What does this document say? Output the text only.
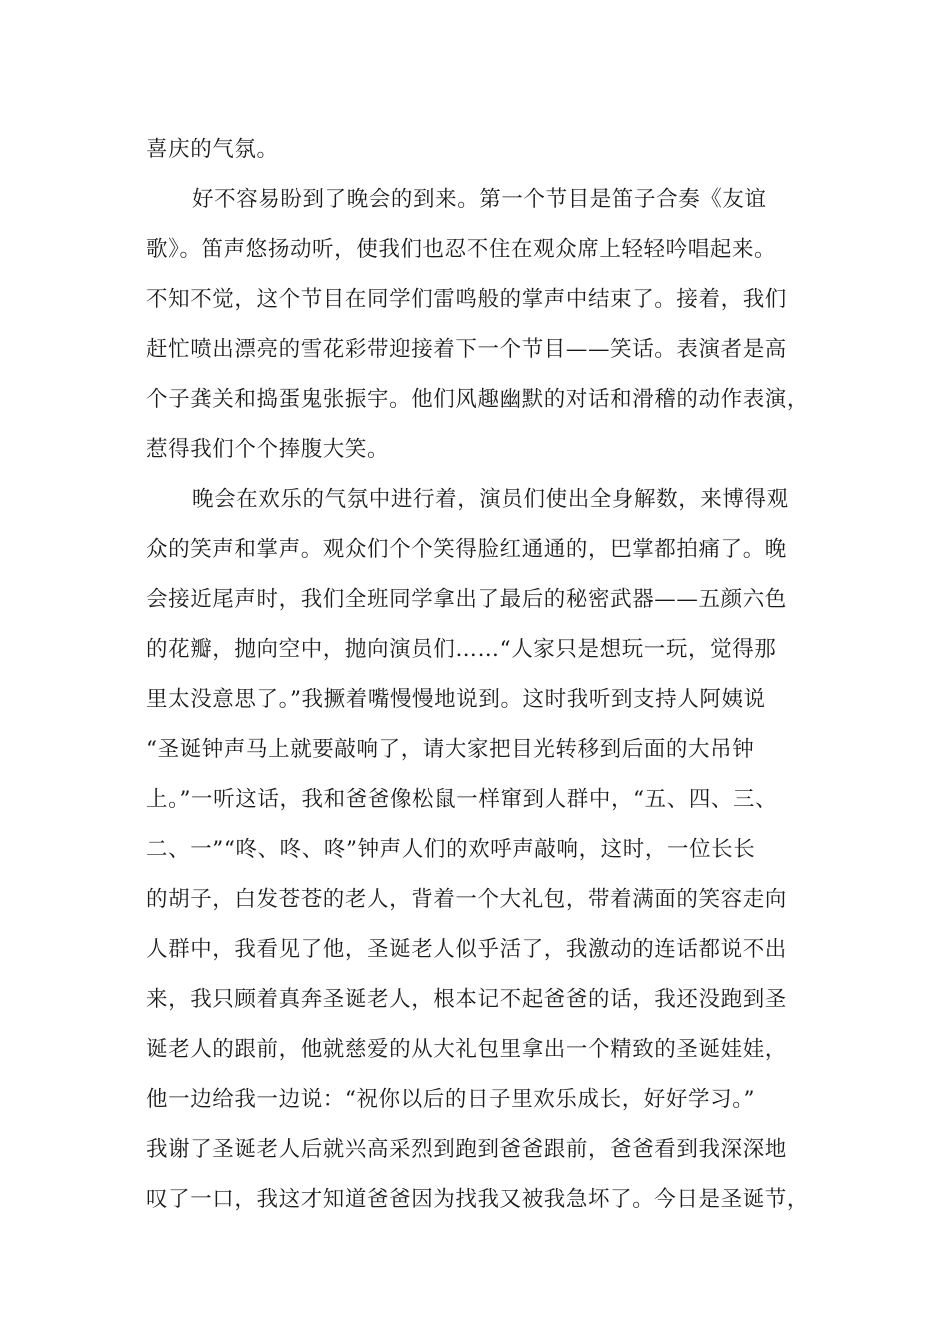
喜庆的气氛。
好不容易盼到了晚会的到来。第一个节目是笛子合奏《友谊
歌》。笛声悠扬动听，使我们也忍不住在观众席上轻轻吟唱起来。
不知不觉，这个节目在同学们雷鸣般的掌声中结束了。接着，我们
赶忙喷出漂亮的雪花彩带迎接着下一个节目——笑话。表演者是高
个子龚关和捣蛋鬼张振宇。他们风趣幽默的对话和滑稽的动作表演，
惹得我们个个捧腹大笑。
晚会在欢乐的气氛中进行着，演员们使出全身解数，来博得观
众的笑声和掌声。观众们个个笑得脸红通通的，巴掌都拍痛了。晚
会接近尾声时，我们全班同学拿出了最后的秘密武器——五颜六色
的花瓣，抛向空中，抛向演员们……“人家只是想玩一玩，觉得那
里太没意思了。”我撅着嘴慢慢地说到。这时我听到支持人阿姨说
“圣诞钟声马上就要敲响了，请大家把目光转移到后面的大吊钟
上。”一听这话，我和爸爸像松鼠一样窜到人群中，“五、四、三、
二、一”“咚、咚、咚”钟声人们的欢呼声敲响，这时，一位长长
的胡子，白发苍苍的老人，背着一个大礼包，带着满面的笑容走向
人群中，我看见了他，圣诞老人似乎活了，我激动的连话都说不出
来，我只顾着真奔圣诞老人，根本记不起爸爸的话，我还没跑到圣
诞老人的跟前，他就慈爱的从大礼包里拿出一个精致的圣诞娃娃，
他一边给我一边说：“祝你以后的日子里欢乐成长，好好学习。”
我谢了圣诞老人后就兴高采烈到跑到爸爸跟前，爸爸看到我深深地
叹了一口，我这才知道爸爸因为找我又被我急坏了。今日是圣诞节，
